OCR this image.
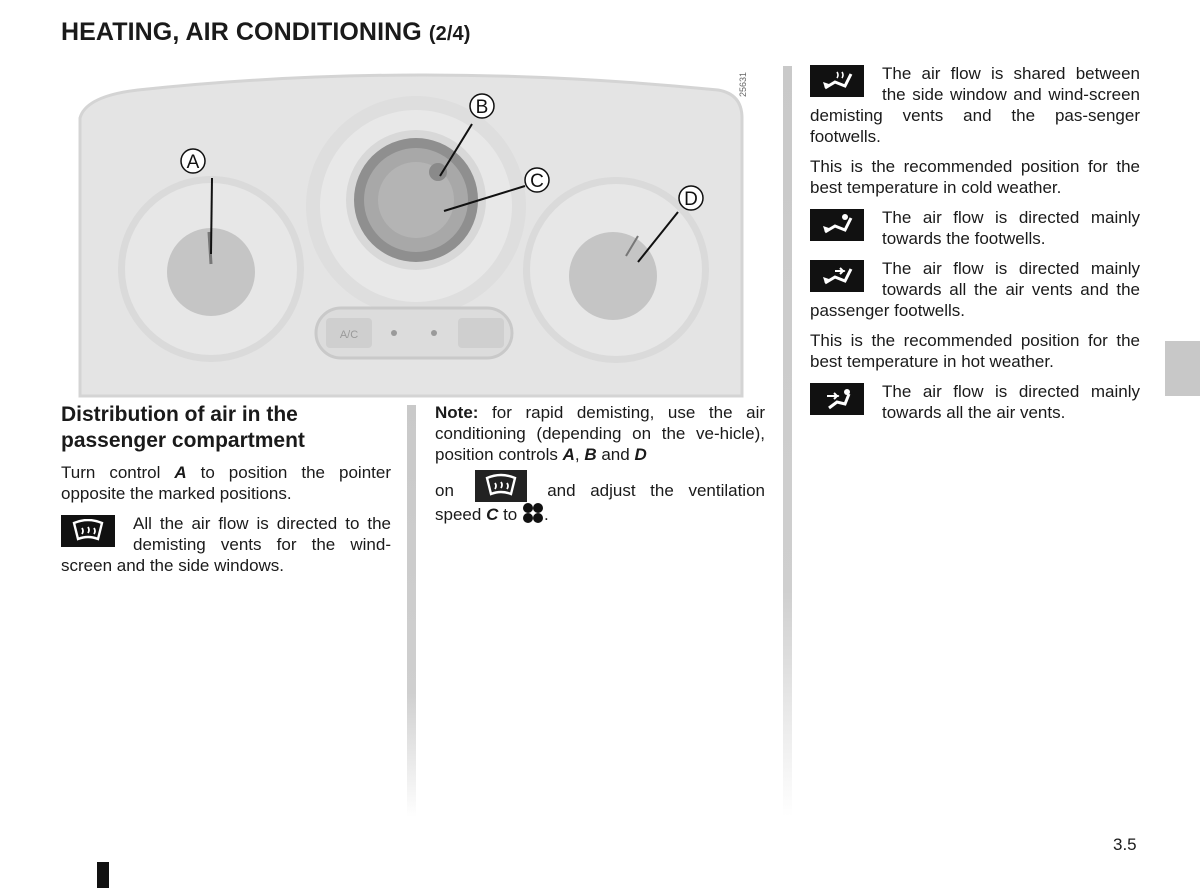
HEATING, AIR CONDITIONING (2/4)
A/C
A
B
C
D
25631
Distribution of air in the passenger compartment

Turn control A to position the pointer opposite the marked positions.

All the air flow is directed to the demisting vents for the wind-screen and the side windows.

Note: for rapid demisting, use the air conditioning (depending on the ve-hicle), position controls A, B and D

on	and adjust the ventilation speed C to .

The air flow is shared between the side window and wind-screen demisting vents and the pas-senger footwells.

This is the recommended position for the best temperature in cold weather.

The air flow is directed mainly towards the footwells.

The air flow is directed mainly towards all the air vents and the passenger footwells.

This is the recommended position for the best temperature in hot weather.

The air flow is directed mainly towards all the air vents.

3.5
